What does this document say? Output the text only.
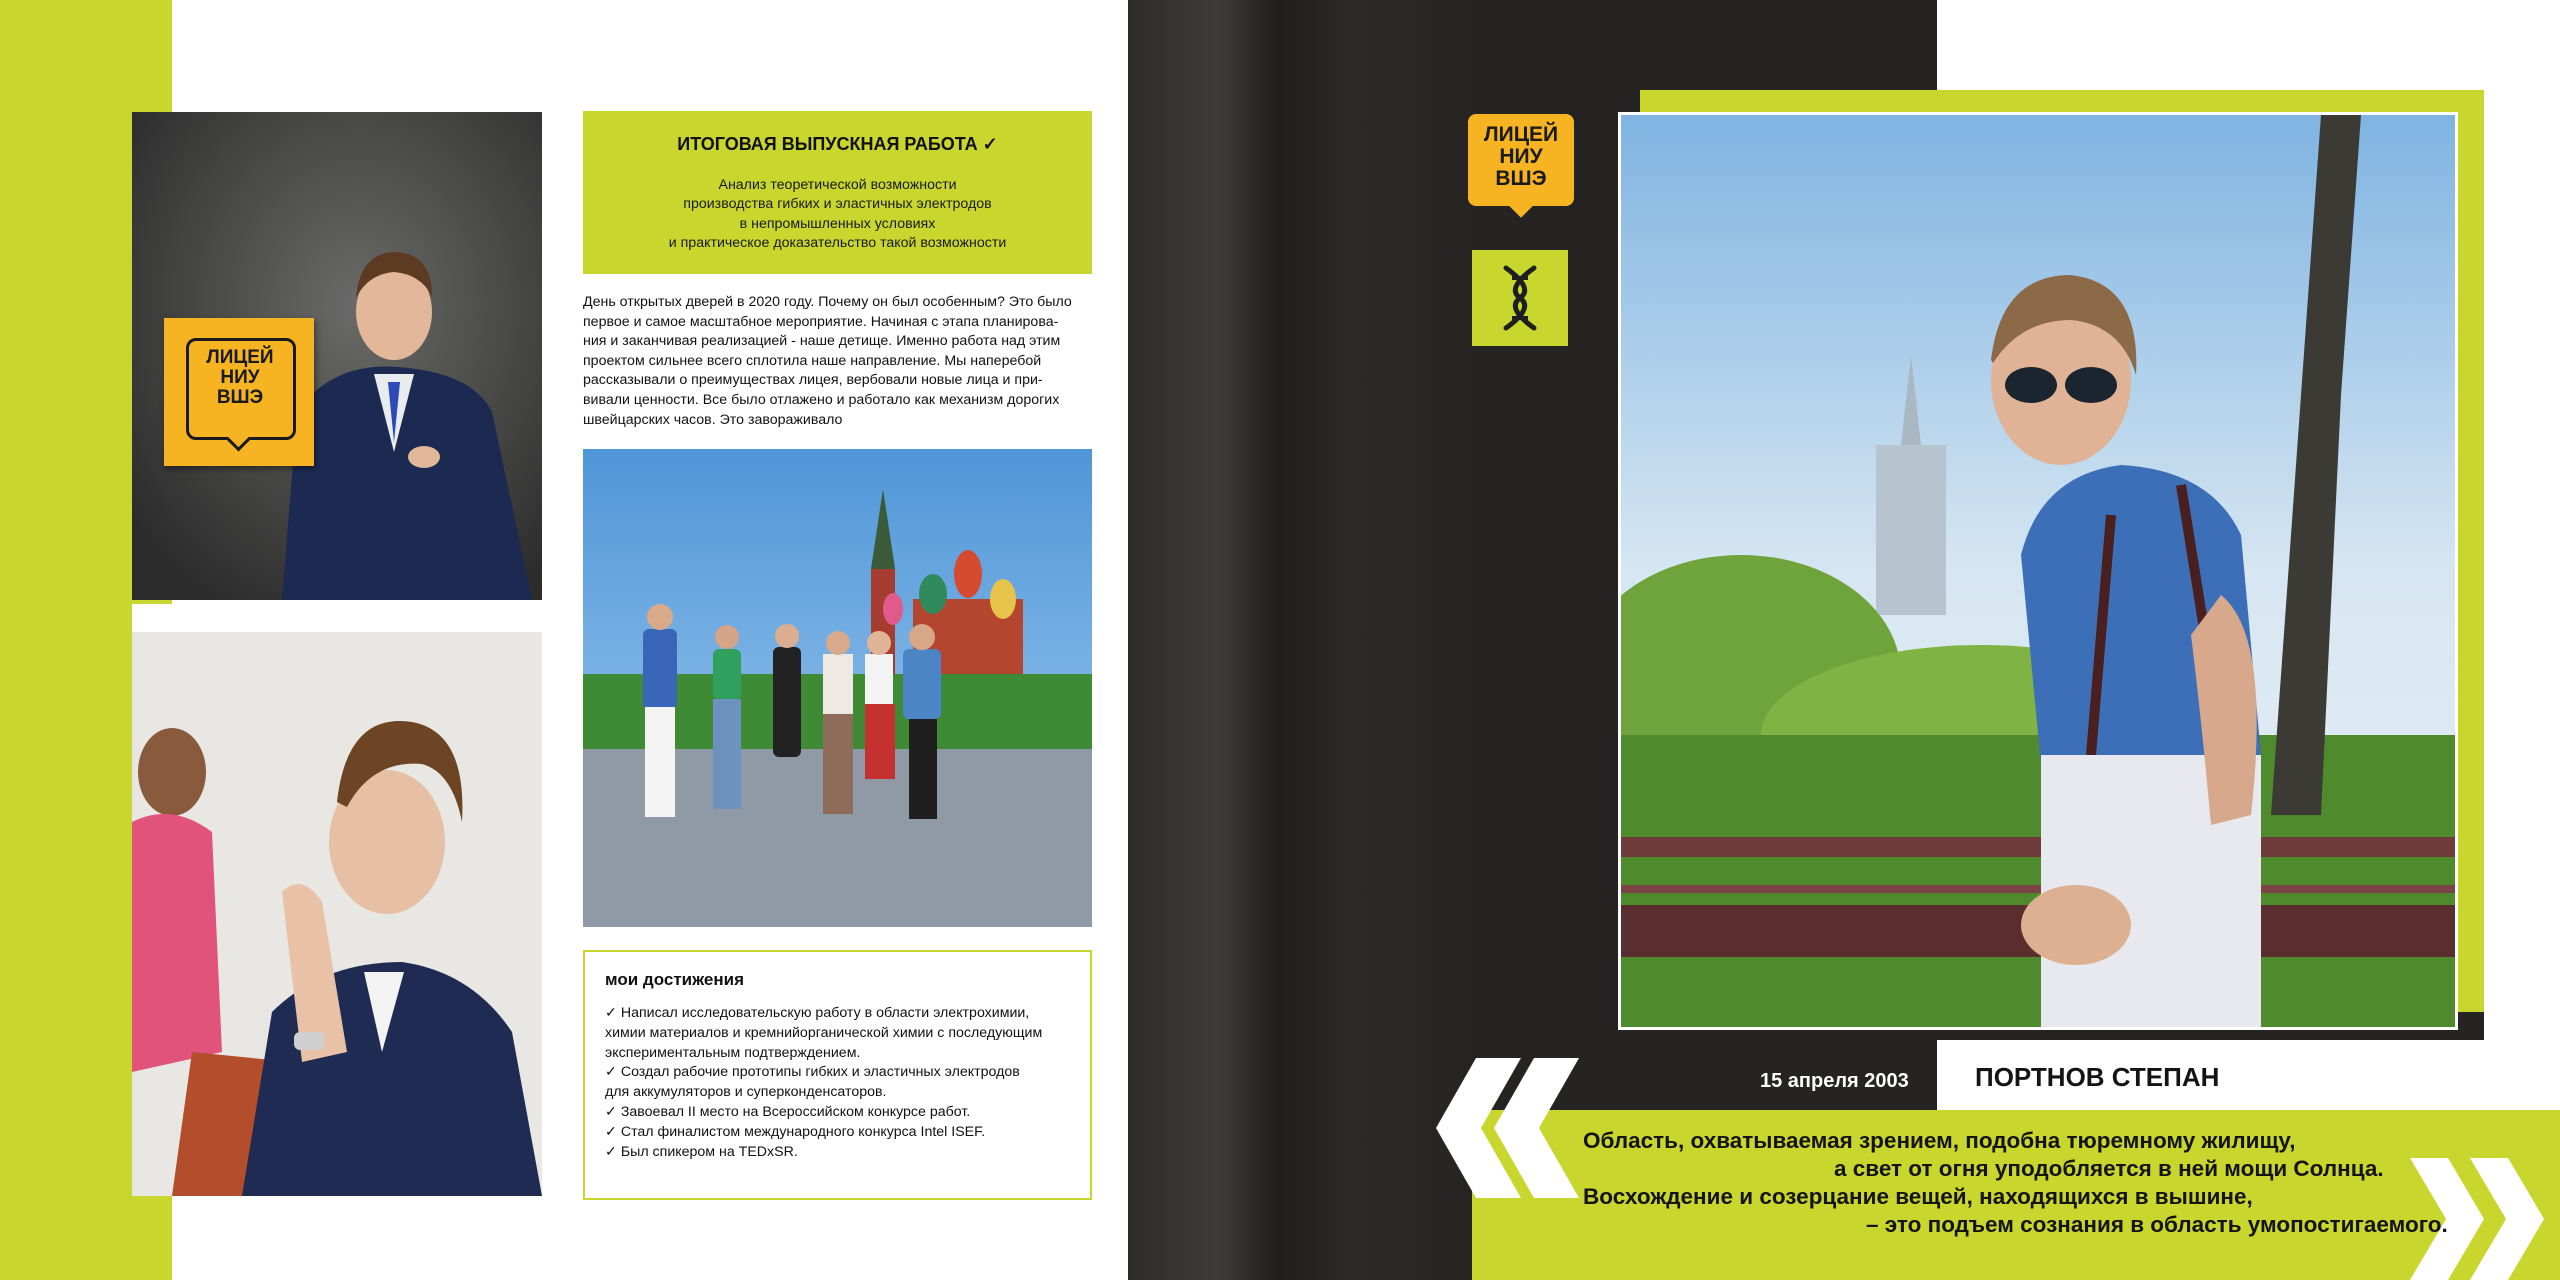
ЛИЦЕЙ
НИУ
ВШЭ
ИТОГОВАЯ ВЫПУСКНАЯ РАБОТА ✓
Анализ теоретической возможности
производства гибких и эластичных электродов
в непромышленных условиях
и практическое доказательство такой возможности
День открытых дверей в 2020 году. Почему он был особенным? Это было
первое и самое масштабное мероприятие. Начиная с этапа планирова-
ния и заканчивая реализацией - наше детище. Именно работа над этим
проектом сильнее всего сплотила наше направление. Мы наперебой
рассказывали о преимуществах лицея, вербовали новые лица и при-
вивали ценности. Все было отлажено и работало как механизм дорогих
швейцарских часов. Это завораживало
мои достижения
✓ Написал исследовательскую работу в области электрохимии,
химии материалов и кремнийорганической химии с последующим
экспериментальным подтверждением.
✓ Создал рабочие прототипы гибких и эластичных электродов
для аккумуляторов и суперконденсаторов.
✓ Завоевал II место на Всероссийском конкурсе работ.
✓ Стал финалистом международного конкурса Intel ISEF.
✓ Был спикером на TEDxSR.
ЛИЦЕЙ
НИУ
ВШЭ
15 апреля 2003	ПОРТНОВ СТЕПАН
Область, охватываемая зрением, подобна тюремному жилищу,
а свет от огня уподобляется в ней мощи Солнца.
Восхождение и созерцание вещей, находящихся в вышине,
– это подъем сознания в область умопостигаемого.
